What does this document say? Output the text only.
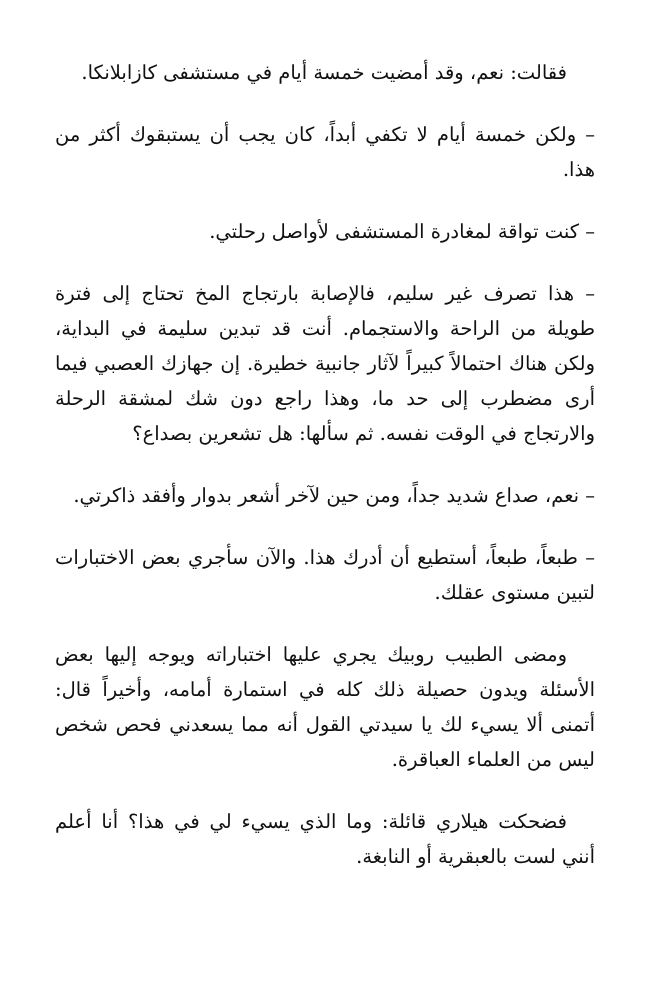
فقالت: نعم، وقد أمضيت خمسة أيام في مستشفى كازابلانكا.

– ولكن خمسة أيام لا تكفي أبداً، كان يجب أن يستبقوك أكثر من هذا.

– كنت تواقة لمغادرة المستشفى لأواصل رحلتي.

– هذا تصرف غير سليم، فالإصابة بارتجاج المخ تحتاج إلى فترة طويلة من الراحة والاستجمام. أنت قد تبدين سليمة في البداية، ولكن هناك احتمالاً كبيراً لآثار جانبية خطيرة. إن جهازك العصبي فيما أرى مضطرب إلى حد ما، وهذا راجع دون شك لمشقة الرحلة والارتجاج في الوقت نفسه. ثم سألها: هل تشعرين بصداع؟

– نعم، صداع شديد جداً، ومن حين لآخر أشعر بدوار وأفقد ذاكرتي.

– طبعاً، طبعاً، أستطيع أن أدرك هذا. والآن سأجري بعض الاختبارات لتبين مستوى عقلك.

ومضى الطبيب روبيك يجري عليها اختباراته ويوجه إليها بعض الأسئلة ويدون حصيلة ذلك كله في استمارة أمامه، وأخيراً قال: أتمنى ألا يسيء لك يا سيدتي القول أنه مما يسعدني فحص شخص ليس من العلماء العباقرة.

فضحكت هيلاري قائلة: وما الذي يسيء لي في هذا؟ أنا أعلم أنني لست بالعبقرية أو النابغة.
